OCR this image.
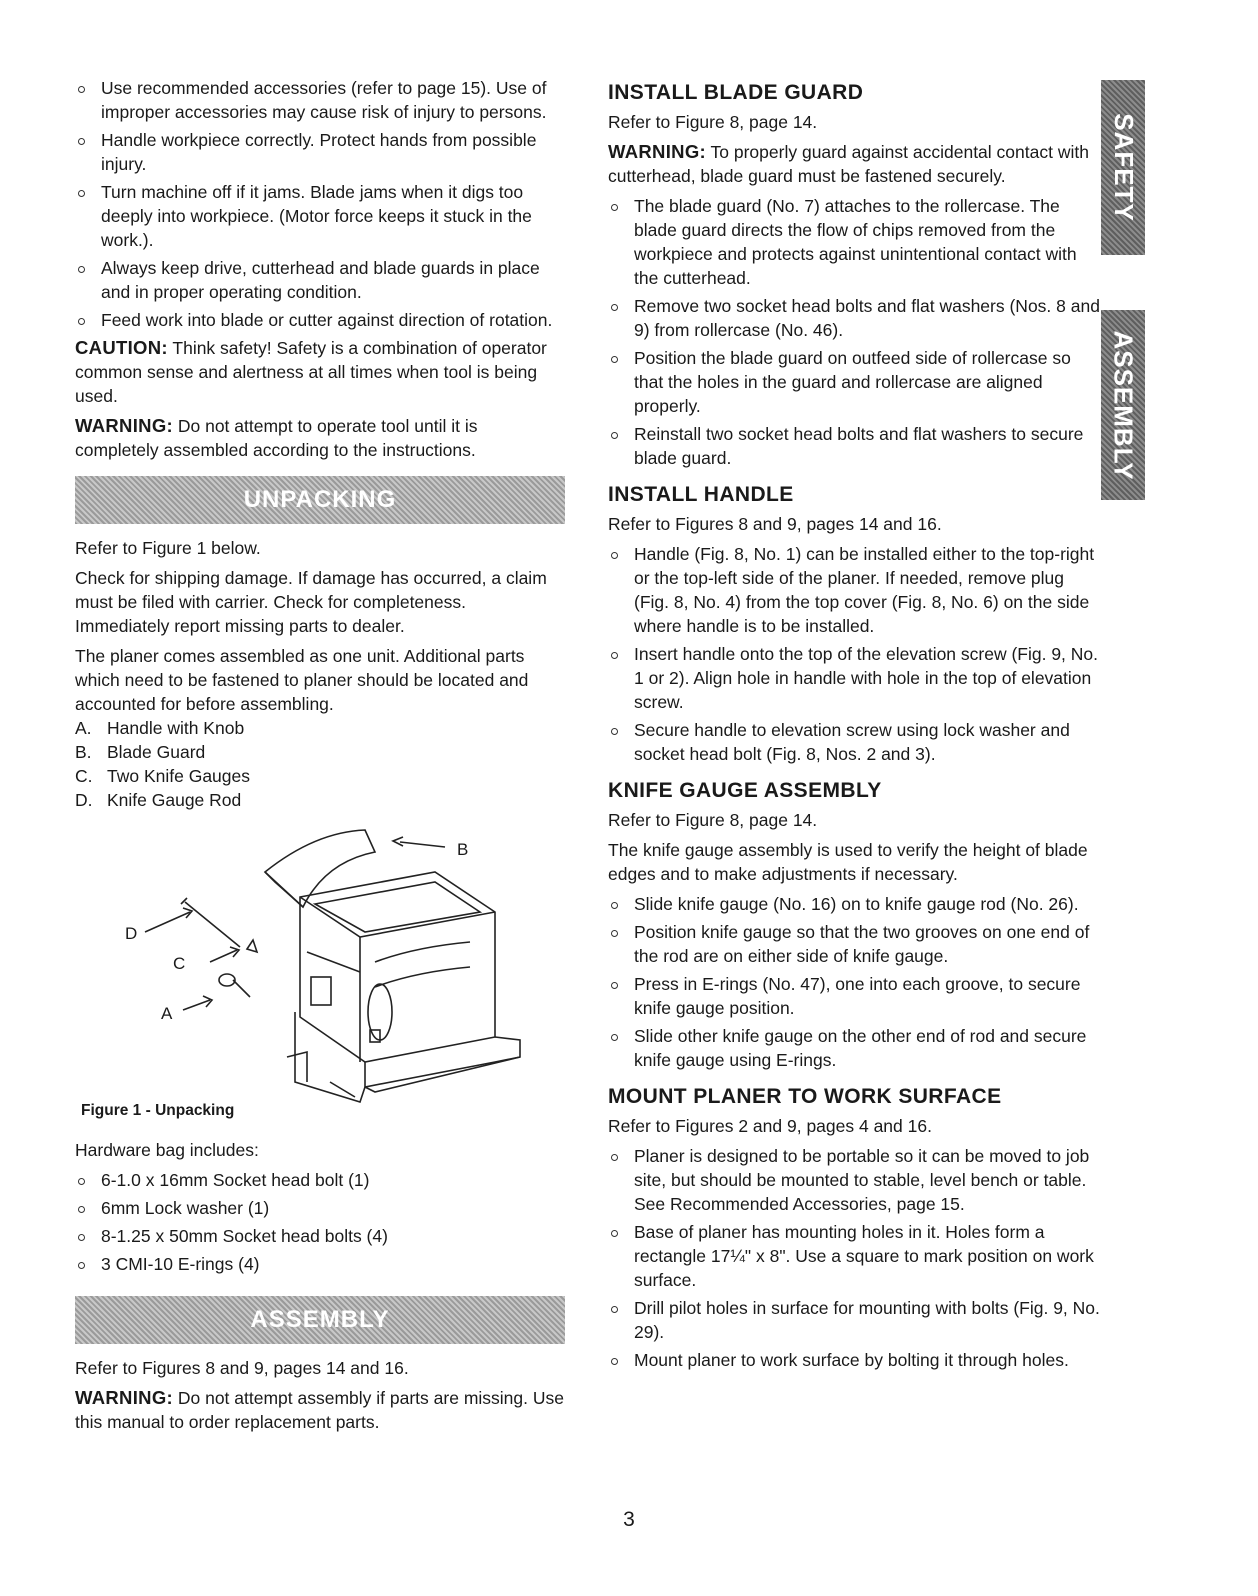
Use recommended accessories (refer to page 15). Use of improper accessories may cause risk of injury to persons.
Handle workpiece correctly. Protect hands from possible injury.
Turn machine off if it jams. Blade jams when it digs too deeply into workpiece. (Motor force keeps it stuck in the work.).
Always keep drive, cutterhead and blade guards in place and in proper operating condition.
Feed work into blade or cutter against direction of rotation.

CAUTION: Think safety! Safety is a combination of operator common sense and alertness at all times when tool is being used.

WARNING: Do not attempt to operate tool until it is completely assembled according to the instructions.

UNPACKING

Refer to Figure 1 below.

Check for shipping damage. If damage has occurred, a claim must be filed with carrier. Check for completeness. Immediately report missing parts to dealer.

The planer comes assembled as one unit. Additional parts which need to be fastened to planer should be located and accounted for before assembling.

A. Handle with Knob
B. Blade Guard
C. Two Knife Gauges
D. Knife Gauge Rod
B
D
C
A
Figure 1 - Unpacking

Hardware bag includes:

6-1.0 x 16mm Socket head bolt (1)
6mm Lock washer (1)
8-1.25 x 50mm Socket head bolts (4)
3 CMI-10 E-rings (4)
ASSEMBLY

Refer to Figures 8 and 9, pages 14 and 16.

WARNING: Do not attempt assembly if parts are missing. Use this manual to order replacement parts.

INSTALL BLADE GUARD

Refer to Figure 8, page 14.

WARNING: To properly guard against accidental contact with cutterhead, blade guard must be fastened securely.

The blade guard (No. 7) attaches to the rollercase. The blade guard directs the flow of chips removed from the workpiece and protects against unintentional contact with the cutterhead.
Remove two socket head bolts and flat washers (Nos. 8 and 9) from rollercase (No. 46).
Position the blade guard on outfeed side of rollercase so that the holes in the guard and rollercase are aligned properly.
Reinstall two socket head bolts and flat washers to secure blade guard.
INSTALL HANDLE

Refer to Figures 8 and 9, pages 14 and 16.

Handle (Fig. 8, No. 1) can be installed either to the top-right or the top-left side of the planer. If needed, remove plug (Fig. 8, No. 4) from the top cover (Fig. 8, No. 6) on the side where handle is to be installed.
Insert handle onto the top of the elevation screw (Fig. 9, No. 1 or 2). Align hole in handle with hole in the top of elevation screw.
Secure handle to elevation screw using lock washer and socket head bolt (Fig. 8, Nos. 2 and 3).
KNIFE GAUGE ASSEMBLY

Refer to Figure 8, page 14.

The knife gauge assembly is used to verify the height of blade edges and to make adjustments if necessary.

Slide knife gauge (No. 16) on to knife gauge rod (No. 26).
Position knife gauge so that the two grooves on one end of the rod are on either side of knife gauge.
Press in E-rings (No. 47), one into each groove, to secure knife gauge position.
Slide other knife gauge on the other end of rod and secure knife gauge using E-rings.
MOUNT PLANER TO WORK SURFACE

Refer to Figures 2 and 9, pages 4 and 16.

Planer is designed to be portable so it can be moved to job site, but should be mounted to stable, level bench or table. See Recommended Accessories, page 15.
Base of planer has mounting holes in it. Holes form a rectangle 17¼" x 8". Use a square to mark position on work surface.
Drill pilot holes in surface for mounting with bolts (Fig. 9, No. 29).
Mount planer to work surface by bolting it through holes.
SAFETY
ASSEMBLY
3
